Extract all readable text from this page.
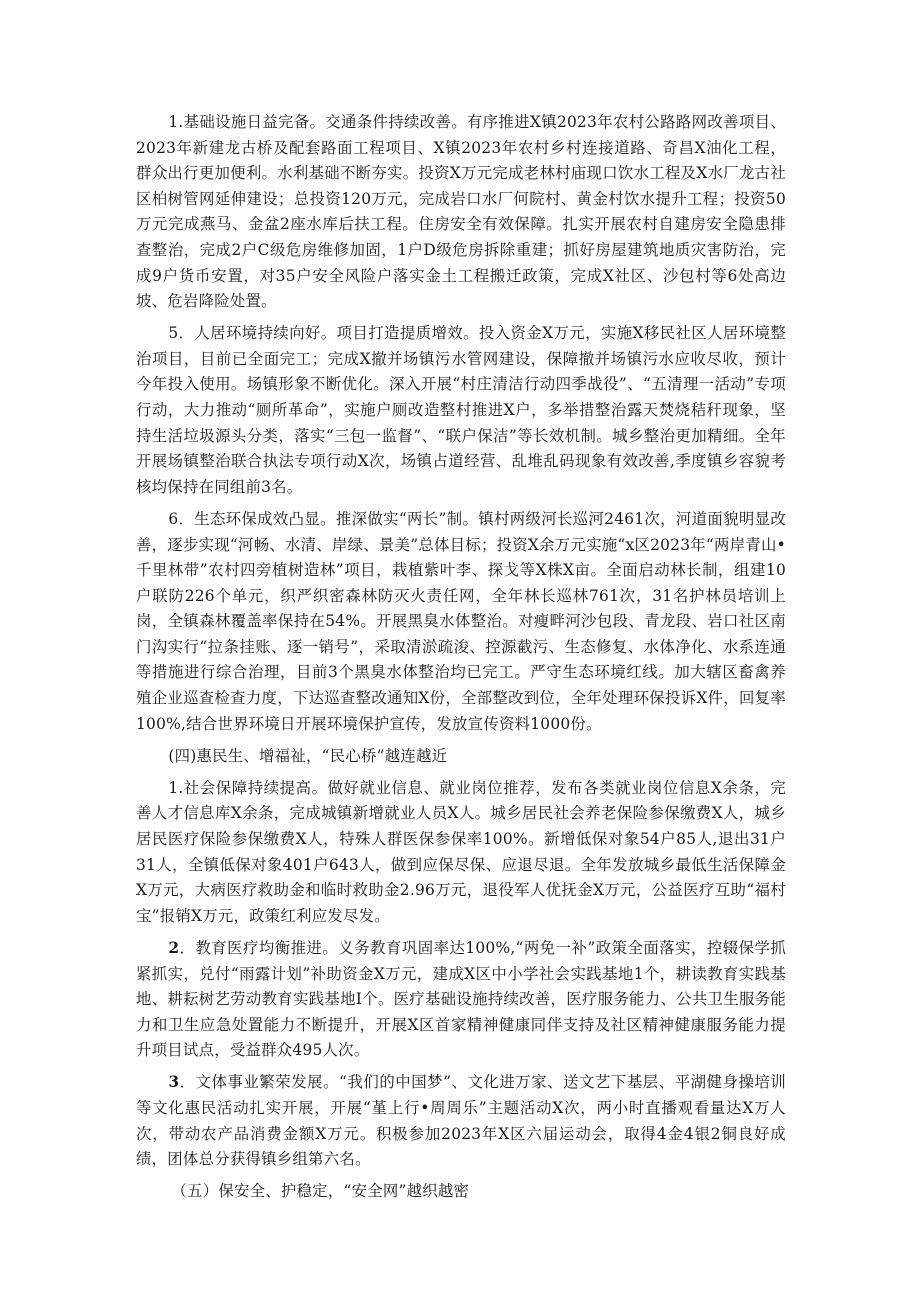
1.基础设施日益完备。交通条件持续改善。有序推进X镇2023年农村公路路网改善项目、2023年新建龙古桥及配套路面工程项目、X镇2023年农村乡村连接道路、奇昌X油化工程，群众出行更加便利。水利基础不断夯实。投资X万元完成老林村庙现口饮水工程及X水厂龙古社区柏树管网延伸建设；总投资120万元，完成岩口水厂何院村、黄金村饮水提升工程；投资50万元完成燕马、金盆2座水库后扶工程。住房安全有效保障。扎实开展农村自建房安全隐患排查整治，完成2户C级危房维修加固，1户D级危房拆除重建；抓好房屋建筑地质灾害防治，完成9户货币安置，对35户安全风险户落实金土工程搬迁政策，完成X社区、沙包村等6处高边坡、危岩降险处置。

5．人居环境持续向好。项目打造提质增效。投入资金X万元，实施X移民社区人居环境整治项目，目前已全面完工；完成X撤并场镇污水管网建设，保障撤并场镇污水应收尽收，预计今年投入使用。场镇形象不断优化。深入开展“村庄清洁行动四季战役”、“五清理一活动”专项行动，大力推动“厕所革命”，实施户厕改造整村推进X户，多举措整治露天焚烧秸秆现象，坚持生活垃圾源头分类，落实“三包一监督”、“联户保洁”等长效机制。城乡整治更加精细。全年开展场镇整治联合执法专项行动X次，场镇占道经营、乱堆乱码现象有效改善,季度镇乡容貌考核均保持在同组前3名。

6．生态环保成效凸显。推深做实“两长”制。镇村两级河长巡河2461次，河道面貌明显改善，逐步实现“河畅、水清、岸绿、景美”总体目标；投资X余万元实施“x区2023年“两岸青山•千里林带”农村四旁植树造林”项目，栽植紫叶李、探戈等X株X亩。全面启动林长制，组建10户联防226个单元，织严织密森林防灭火责任网，全年林长巡林761次，31名护林员培训上岗，全镇森林覆盖率保持在54%。开展黑臭水体整治。对瘦畔河沙包段、青龙段、岩口社区南门沟实行“拉条挂账、逐一销号”，采取清淤疏浚、控源截污、生态修复、水体净化、水系连通等措施进行综合治理，目前3个黑臭水体整治均已完工。严守生态环境红线。加大辖区畜禽养殖企业巡查检查力度，下达巡查整改通知X份，全部整改到位，全年处理环保投诉X件，回复率100%,结合世界环境日开展环境保护宣传，发放宣传资料1000份。

(四)惠民生、增福祉，“民心桥”越连越近

1.社会保障持续提高。做好就业信息、就业岗位推荐，发布各类就业岗位信息X余条，完善人才信息库X余条，完成城镇新增就业人员X人。城乡居民社会养老保险参保缴费X人，城乡居民医疗保险参保缴费X人，特殊人群医保参保率100%。新增低保对象54户85人,退出31户31人，全镇低保对象401户643人，做到应保尽保、应退尽退。全年发放城乡最低生活保障金X万元，大病医疗救助金和临时救助金2.96万元，退役军人优抚金X万元，公益医疗互助“福村宝”报销X万元，政策红利应发尽发。

2．教育医疗均衡推进。义务教育巩固率达100%,“两免一补”政策全面落实，控辍保学抓紧抓实，兑付“雨露计划”补助资金X万元，建成X区中小学社会实践基地1个，耕读教育实践基地、耕耘树艺劳动教育实践基地I个。医疗基础设施持续改善，医疗服务能力、公共卫生服务能力和卫生应急处置能力不断提升，开展X区首家精神健康同伴支持及社区精神健康服务能力提升项目试点，受益群众495人次。

3．文体事业繁荣发展。“我们的中国梦”、文化进万家、送文艺下基层、平湖健身操培训等文化惠民活动扎实开展，开展“堇上行•周周乐”主题活动X次，两小时直播观看量达X万人次，带动农产品消费金额X万元。积极参加2023年X区六届运动会，取得4金4银2铜良好成绩，团体总分获得镇乡组第六名。

（五）保安全、护稳定，“安全网”越织越密
